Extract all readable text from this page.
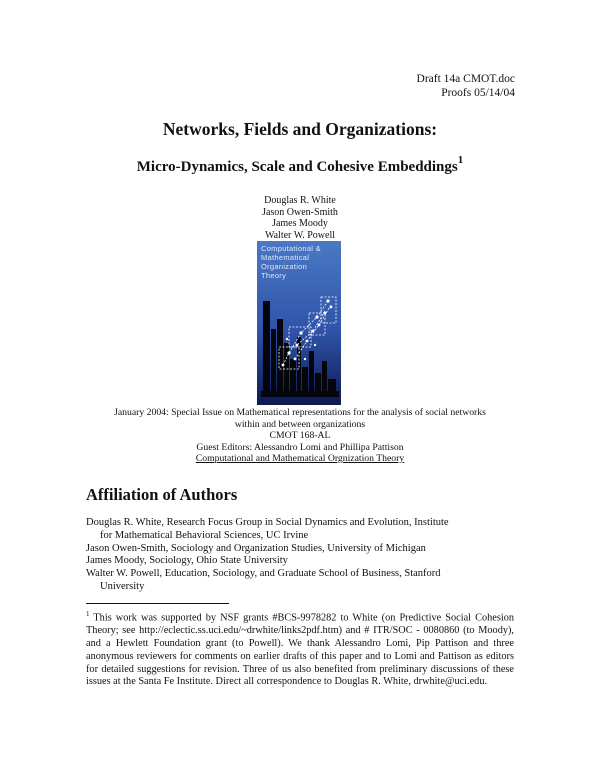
Draft 14a CMOT.doc
Proofs 05/14/04
Networks, Fields and Organizations:
Micro-Dynamics, Scale and Cohesive Embeddings$^1$
Douglas R. White
Jason Owen-Smith
James Moody
Walter W. Powell
Computational &
Mathematical
Organization
Theory
January 2004: Special Issue on Mathematical representations for the analysis of social networks
within and between organizations
CMOT 168-AL
Guest Editors: Alessandro Lomi and Phillipa Pattison
Computational and Mathematical Orgnization Theory
Affiliation of Authors
Douglas R. White, Research Focus Group in Social Dynamics and Evolution, Institute
for Mathematical Behavioral Sciences, UC Irvine
Jason Owen-Smith, Sociology and Organization Studies, University of Michigan
James Moody, Sociology, Ohio State University
Walter W. Powell, Education, Sociology, and Graduate School of Business, Stanford
University
$^1$ This work was supported by NSF grants #BCS-9978282 to White (on Predictive Social Cohesion Theory; see http://eclectic.ss.uci.edu/~drwhite/links2pdf.htm) and # ITR/SOC - 0080860 (to Moody), and a Hewlett Foundation grant (to Powell). We thank Alessandro Lomi, Pip Pattison and three anonymous reviewers for comments on earlier drafts of this paper and to Lomi and Pattison as editors for detailed suggestions for revision. Three of us also benefited from preliminary discussions of these issues at the Santa Fe Institute. Direct all correspondence to Douglas R. White, drwhite@uci.edu.
